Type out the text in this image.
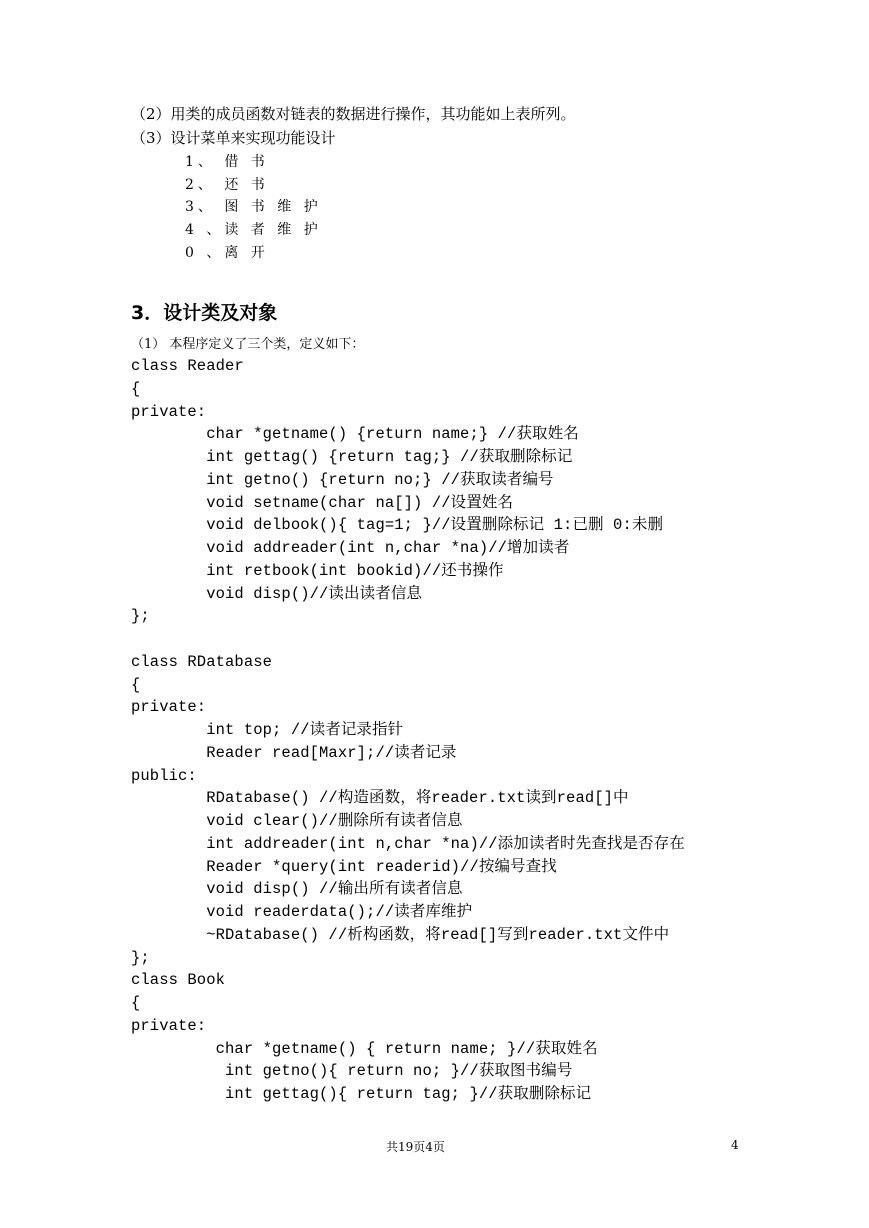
（2）用类的成员函数对链表的数据进行操作，其功能如上表所列。
（3）设计菜单来实现功能设计
1、 借 书
2、 还 书
3、 图 书 维 护
4 、读 者 维 护
0 、离 开
3．设计类及对象
（1） 本程序定义了三个类，定义如下：
class Reader
{
private:
char *getname() {return name;} //获取姓名
int gettag() {return tag;} //获取删除标记
int getno() {return no;} //获取读者编号
void setname(char na[]) //设置姓名
void delbook(){ tag=1; }//设置删除标记 1:已删 0:未删
void addreader(int n,char *na)//增加读者
int retbook(int bookid)//还书操作
void disp()//读出读者信息
};
class RDatabase
{
private:
int top; //读者记录指针
Reader read[Maxr];//读者记录
public:
RDatabase() //构造函数，将reader.txt读到read[]中
void clear()//删除所有读者信息
int addreader(int n,char *na)//添加读者时先查找是否存在
Reader *query(int readerid)//按编号查找
void disp() //输出所有读者信息
void readerdata();//读者库维护
~RDatabase() //析构函数，将read[]写到reader.txt文件中
};
class Book
{
private:
char *getname() { return name; }//获取姓名
int getno(){ return no; }//获取图书编号
int gettag(){ return tag; }//获取删除标记
共19页4页	4
